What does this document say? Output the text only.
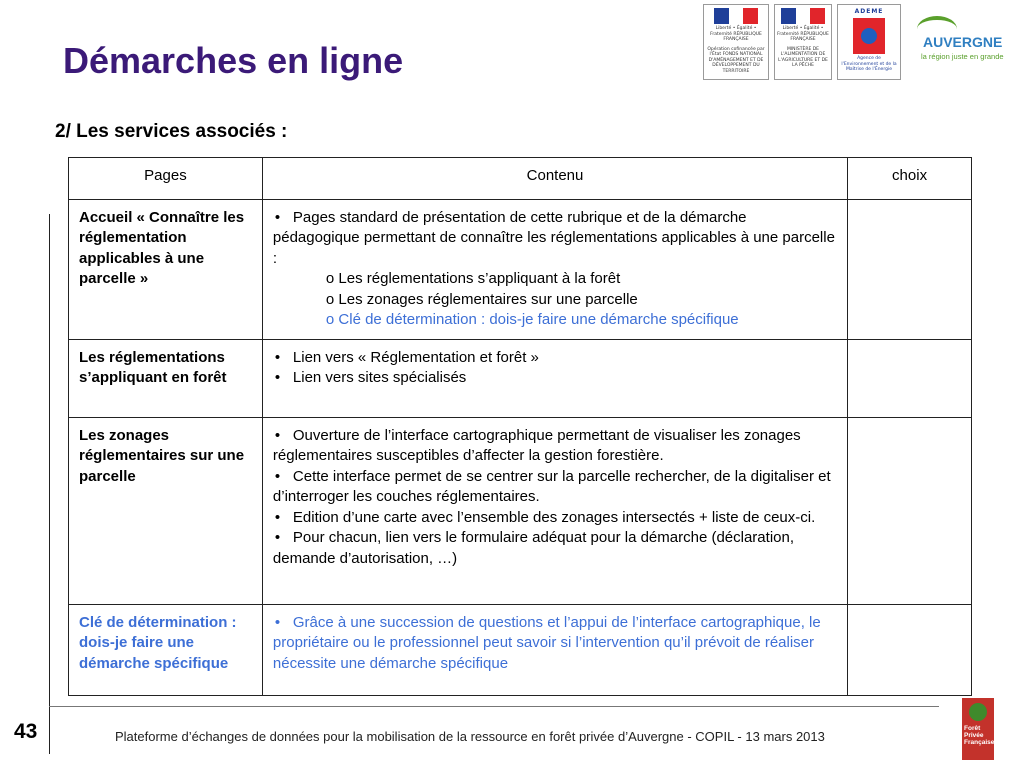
Démarches en ligne
2/ Les services associés :
Liberté • Égalité • Fraternité RÉPUBLIQUE FRANÇAISE
Opération cofinancée par l'État FONDS NATIONAL D'AMÉNAGEMENT ET DE DÉVELOPPEMENT DU TERRITOIRE
Liberté • Égalité • Fraternité RÉPUBLIQUE FRANÇAISE
MINISTÈRE DE L'ALIMENTATION DE L'AGRICULTURE ET DE LA PÊCHE
ADEME
Agence de l'Environnement et de la Maîtrise de l'Énergie
AUVERGNE
la région juste en grande
Pages	Contenu	choix
Accueil « Connaître les réglementation applicables à une parcelle »	• Pages standard de présentation de cette rubrique et de la démarche pédagogique permettant de connaître les réglementations applicables à une parcelle :
o Les réglementations s’appliquant à la forêt
o Les zonages réglementaires sur une parcelle
o Clé de détermination : dois-je faire une démarche spécifique

Les réglementations s’appliquant en forêt	• Lien vers « Réglementation et forêt »
• Lien vers sites spécialisés

Les zonages réglementaires sur une parcelle	• Ouverture de l’interface cartographique permettant de visualiser les zonages réglementaires susceptibles d’affecter la gestion forestière.
• Cette interface permet de se centrer sur la parcelle rechercher, de la digitaliser et d’interroger les couches réglementaires.
• Edition d’une carte avec l’ensemble des zonages intersectés + liste de ceux-ci.
• Pour chacun, lien vers le formulaire adéquat pour la démarche (déclaration, demande d’autorisation, …)

Clé de détermination : dois-je faire une démarche spécifique	• Grâce à une succession de questions et l’appui de l’interface cartographique, le propriétaire ou le professionnel peut savoir si l’intervention qu’il prévoit de réaliser nécessite une démarche spécifique

43	Plateforme d’échanges de données pour la mobilisation de la ressource en forêt privée d’Auvergne - COPIL - 13 mars 2013
Forêt Privée Française
